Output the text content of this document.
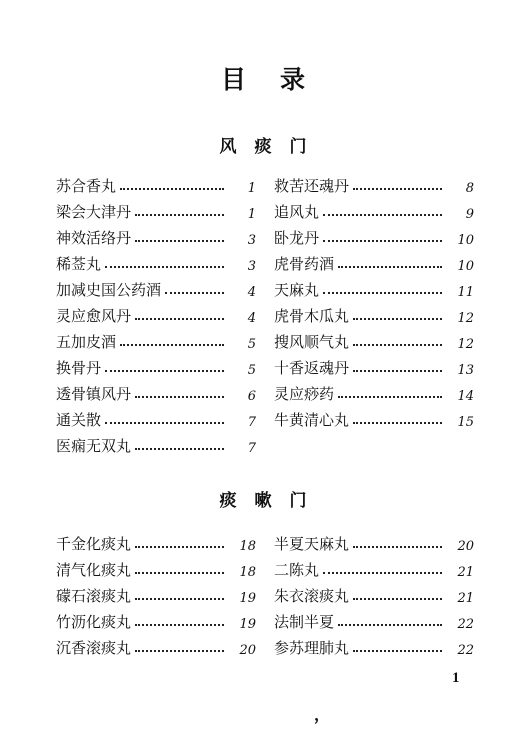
目录
风痰门
苏合香丸	1
梁会大津丹	1
神效活络丹	3
稀莶丸	3
加减史国公药酒	4
灵应愈风丹	4
五加皮酒	5
换骨丹	5
透骨镇风丹	6
通关散	7
医痫无双丸	7
救苦还魂丹	8
追风丸	9
卧龙丹	10
虎骨药酒	10
天麻丸	11
虎骨木瓜丸	12
搜风顺气丸	12
十香返魂丹	13
灵应痧药	14
牛黄清心丸	15
痰嗽门
千金化痰丸	18
清气化痰丸	18
礞石滚痰丸	19
竹沥化痰丸	19
沉香滚痰丸	20
半夏天麻丸	20
二陈丸	21
朱衣滚痰丸	21
法制半夏	22
参苏理肺丸	22
1
，
